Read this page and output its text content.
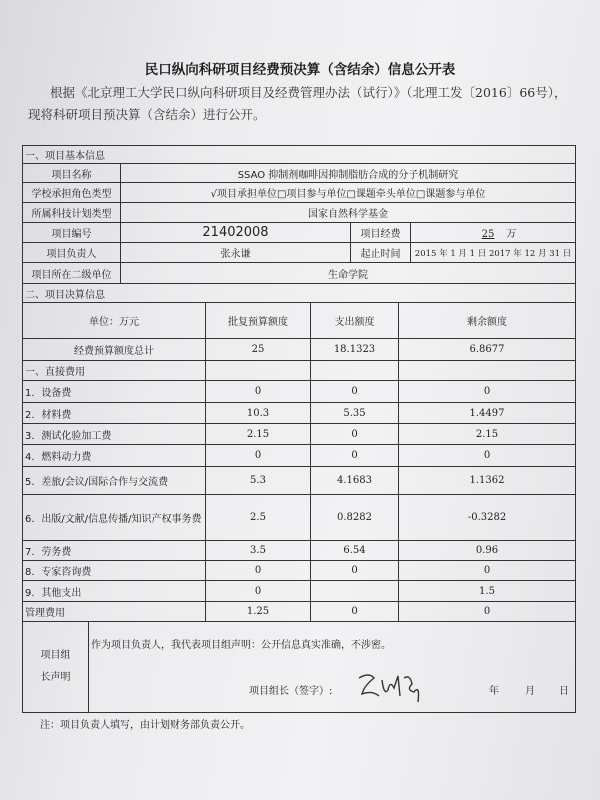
民口纵向科研项目经费预决算（含结余）信息公开表
根据《北京理工大学民口纵向科研项目及经费管理办法（试行）》（北理工发〔2016〕66号），现将科研项目预决算（含结余）进行公开。
一、项目基本信息			
项目名称	SSAO 抑制剂咖啡因抑制脂肪合成的分子机制研究		
学校承担角色类型	√项目承担单位□项目参与单位□课题牵头单位□课题参与单位		
所属科技计划类型	国家自然科学基金		
项目编号	21402008	项目经费	25 万
项目负责人	张永谦	起止时间	2015 年 1 月 1 日 2017 年 12 月 31 日
项目所在二级单位	生命学院		
二、项目决算信息			
单位：万元	批复预算额度	支出额度	剩余额度
经费预算额度总计	25	18.1323	6.8677
一、直接费用			
1．设备费	0	0	0
2．材料费	10.3	5.35	1.4497
3．测试化验加工费	2.15	0	2.15
4．燃料动力费	0	0	0
5．差旅/会议/国际合作与交流费	5.3	4.1683	1.1362
6．出版/文献/信息传播/知识产权事务费	2.5	0.8282	-0.3282
7．劳务费	3.5	6.54	0.96
8．专家咨询费	0	0	0
9．其他支出	0		1.5
管理费用	1.25	0	0
项目组长声明	
作为项目负责人，我代表项目组声明：公开信息真实准确，不涉密。
项目组长（签字）:	年	月 日
注：项目负责人填写，由计划财务部负责公开。
